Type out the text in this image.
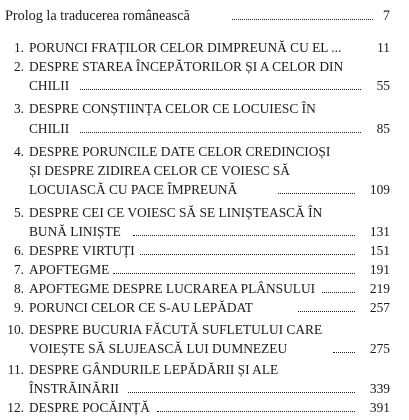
Prolog la traducerea românească	7
1. PORUNCI FRAȚILOR CELOR DIMPREUNĂ CU EL ...	11
2. DESPRE STAREA ÎNCEPĂTORILOR ȘI A CELOR DIN
CHILII	55
3. DESPRE CONȘTIINȚA CELOR CE LOCUIESC ÎN
CHILII	85
4. DESPRE PORUNCILE DATE CELOR CREDINCIOȘI
ȘI DESPRE ZIDIREA CELOR CE VOIESC SĂ
LOCUIASCĂ CU PACE ÎMPREUNĂ	109
5. DESPRE CEI CE VOIESC SĂ SE LINIȘTEASCĂ ÎN
BUNĂ LINIȘTE	131
6. DESPRE VIRTUȚI	151
7. APOFTEGME	191
8. APOFTEGME DESPRE LUCRAREA PLÂNSULUI	219
9. PORUNCI CELOR CE S-AU LEPĂDAT	257
10. DESPRE BUCURIA FĂCUTĂ SUFLETULUI CARE
VOIEȘTE SĂ SLUJEASCĂ LUI DUMNEZEU	275
11. DESPRE GÂNDURILE LEPĂDĂRII ȘI ALE
ÎNSTRĂINĂRII	339
12. DESPRE POCĂINȚĂ	391
